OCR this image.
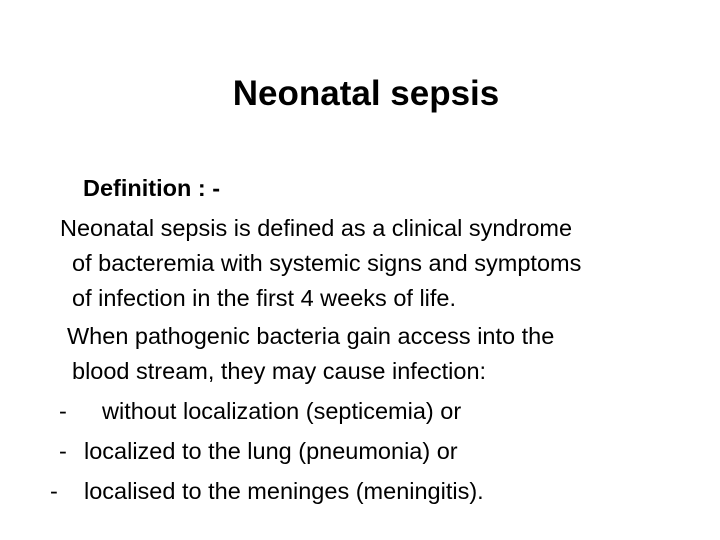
Neonatal sepsis
Definition : -
Neonatal sepsis is defined as a clinical syndrome
of bacteremia with systemic signs and symptoms
of infection in the first 4 weeks of life.
When pathogenic bacteria gain access into the
blood stream, they may cause infection:
- without localization (septicemia) or
- localized to the lung (pneumonia) or
- localised to the meninges (meningitis).
